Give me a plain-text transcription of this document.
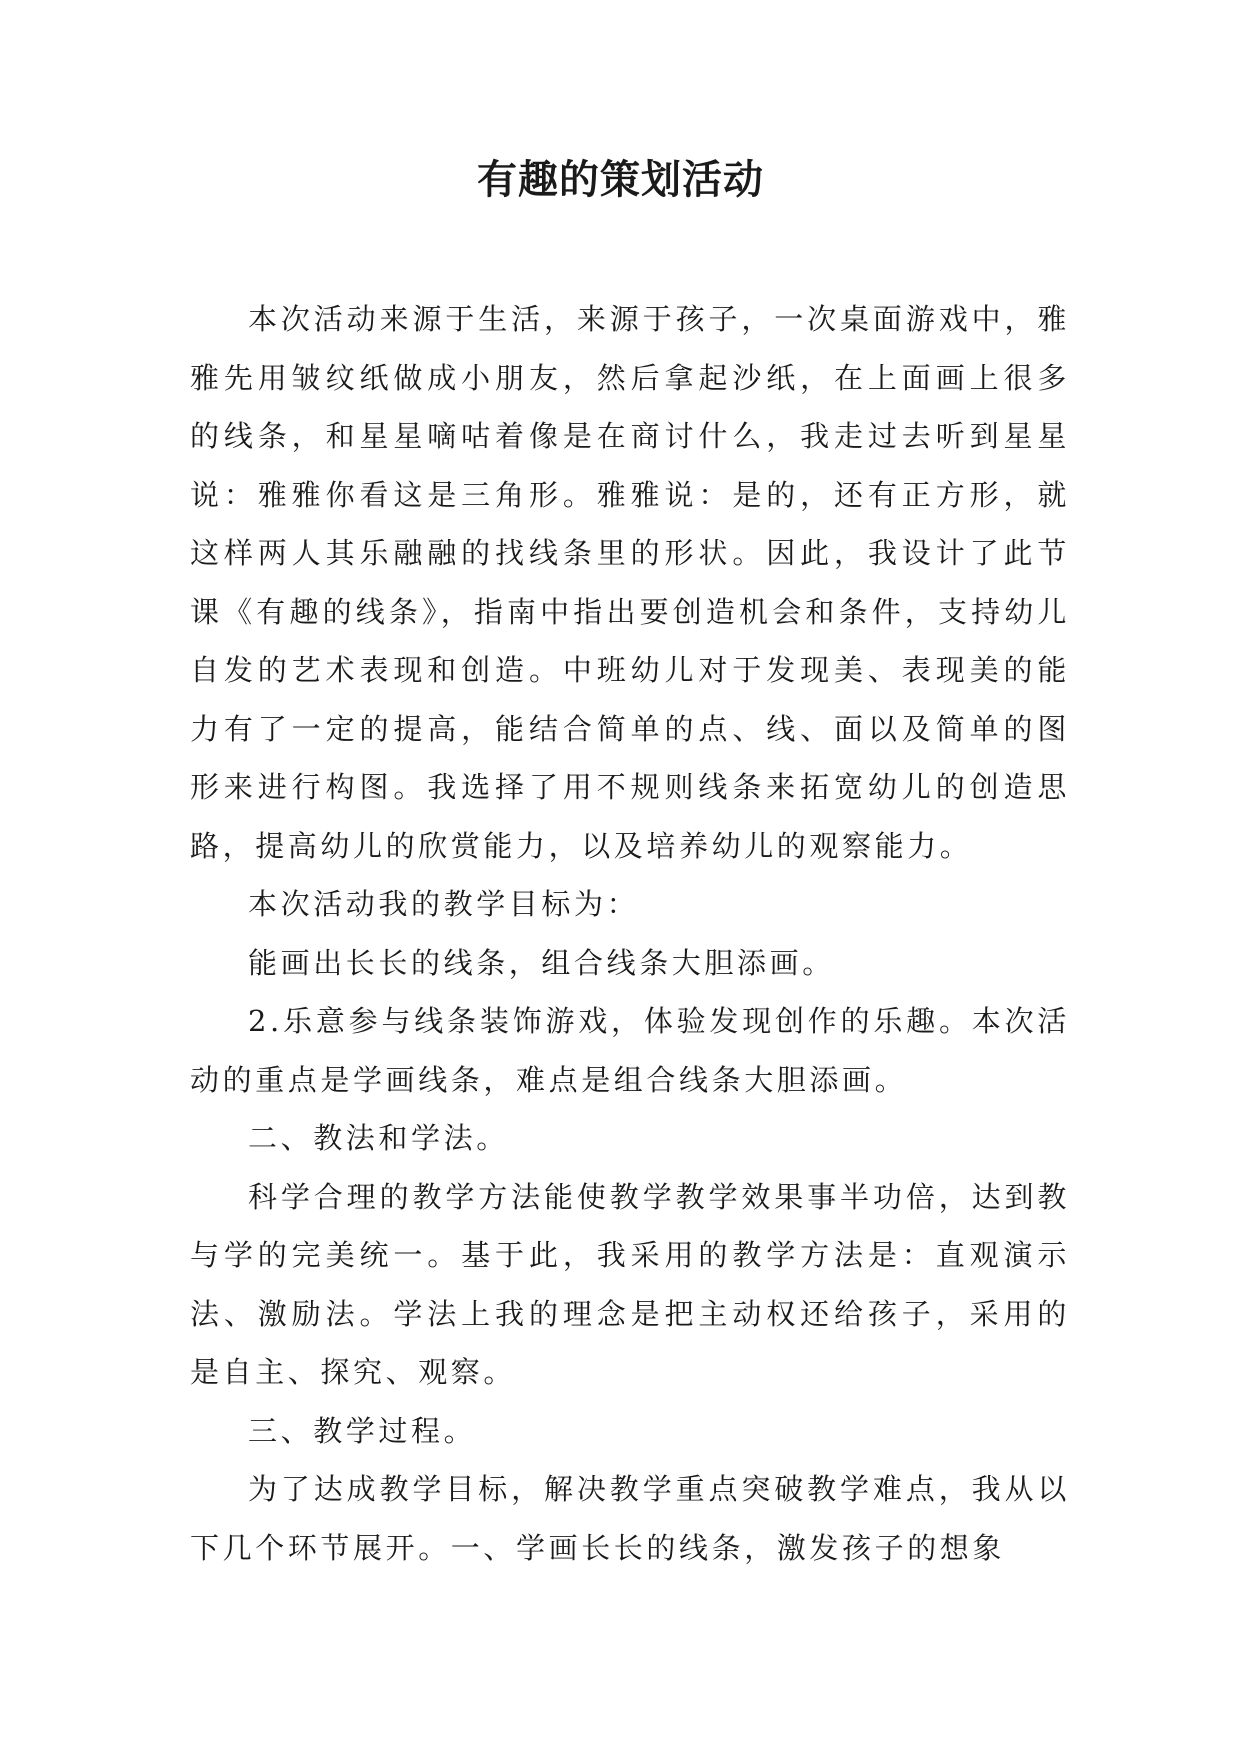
有趣的策划活动

本次活动来源于生活，来源于孩子，一次桌面游戏中，雅雅先用皱纹纸做成小朋友，然后拿起沙纸，在上面画上很多的线条，和星星嘀咕着像是在商讨什么，我走过去听到星星说：雅雅你看这是三角形。雅雅说：是的，还有正方形，就这样两人其乐融融的找线条里的形状。因此，我设计了此节课《有趣的线条》，指南中指出要创造机会和条件，支持幼儿自发的艺术表现和创造。中班幼儿对于发现美、表现美的能力有了一定的提高，能结合简单的点、线、面以及简单的图形来进行构图。我选择了用不规则线条来拓宽幼儿的创造思路，提高幼儿的欣赏能力，以及培养幼儿的观察能力。

本次活动我的教学目标为：

能画出长长的线条，组合线条大胆添画。

2.乐意参与线条装饰游戏，体验发现创作的乐趣。本次活动的重点是学画线条，难点是组合线条大胆添画。

二、教法和学法。

科学合理的教学方法能使教学教学效果事半功倍，达到教与学的完美统一。基于此，我采用的教学方法是：直观演示法、激励法。学法上我的理念是把主动权还给孩子，采用的是自主、探究、观察。

三、教学过程。

为了达成教学目标，解决教学重点突破教学难点，我从以下几个环节展开。一、学画长长的线条，激发孩子的想象
